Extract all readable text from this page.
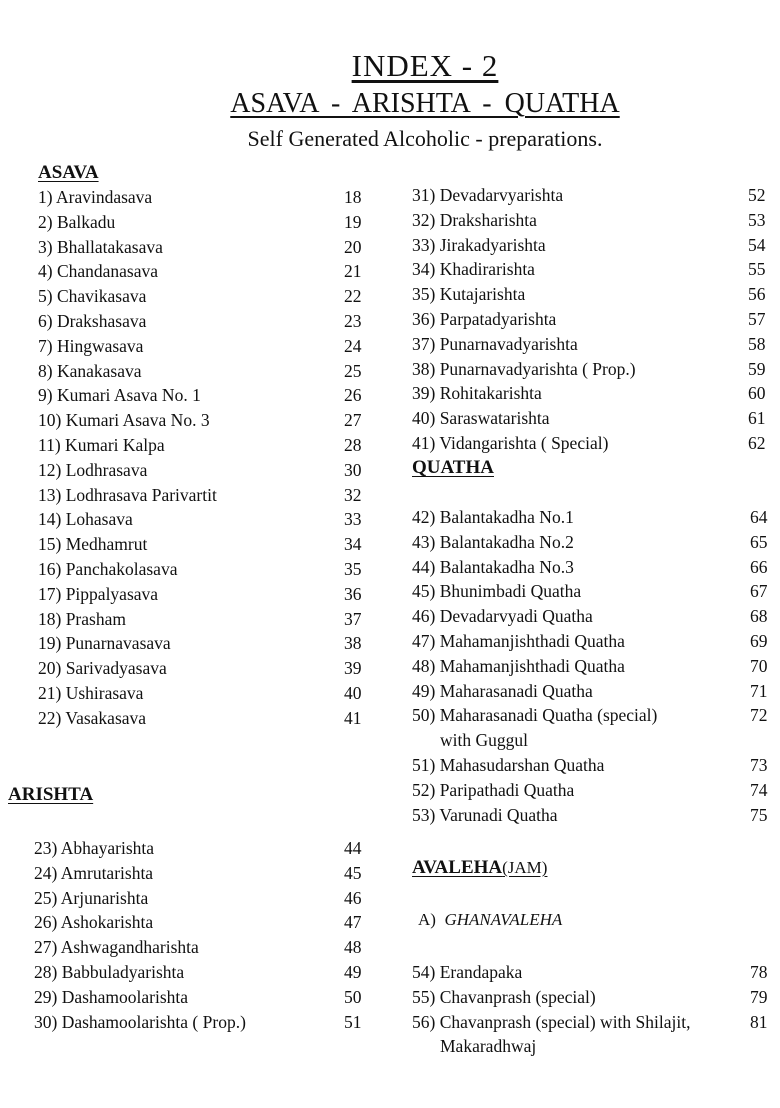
INDEX - 2
ASAVA - ARISHTA - QUATHA
Self Generated Alcoholic - preparations.
ASAVA
1) Aravindasava	18
2) Balkadu	19
3) Bhallatakasava	20
4) Chandanasava	21
5) Chavikasava	22
6) Drakshasava	23
7) Hingwasava	24
8) Kanakasava	25
9) Kumari Asava No. 1	26
10) Kumari Asava No. 3	27
11) Kumari Kalpa	28
12) Lodhrasava	30
13) Lodhrasava Parivartit	32
14) Lohasava	33
15) Medhamrut	34
16) Panchakolasava	35
17) Pippalyasava	36
18) Prasham	37
19) Punarnavasava	38
20) Sarivadyasava	39
21) Ushirasava	40
22) Vasakasava	41
ARISHTA
23) Abhayarishta	44
24) Amrutarishta	45
25) Arjunarishta	46
26) Ashokarishta	47
27) Ashwagandharishta	48
28) Babbuladyarishta	49
29) Dashamoolarishta	50
30) Dashamoolarishta ( Prop.)	51
31) Devadarvyarishta	52
32) Draksharishta	53
33) Jirakadyarishta	54
34) Khadirarishta	55
35) Kutajarishta	56
36) Parpatadyarishta	57
37) Punarnavadyarishta	58
38) Punarnavadyarishta ( Prop.)	59
39) Rohitakarishta	60
40) Saraswatarishta	61
41) Vidangarishta ( Special)	62
QUATHA
42) Balantakadha No.1	64
43) Balantakadha No.2	65
44) Balantakadha No.3	66
45) Bhunimbadi Quatha	67
46) Devadarvyadi Quatha	68
47) Mahamanjishthadi Quatha	69
48) Mahamanjishthadi Quatha	70
49) Maharasanadi Quatha	71
50) Maharasanadi Quatha (special)	72
with Guggul
51) Mahasudarshan Quatha	73
52) Paripathadi Quatha	74
53) Varunadi Quatha	75
AVALEHA(JAM)
A) GHANAVALEHA
54) Erandapaka	78
55) Chavanprash (special)	79
56) Chavanprash (special) with Shilajit,	81
Makaradhwaj
